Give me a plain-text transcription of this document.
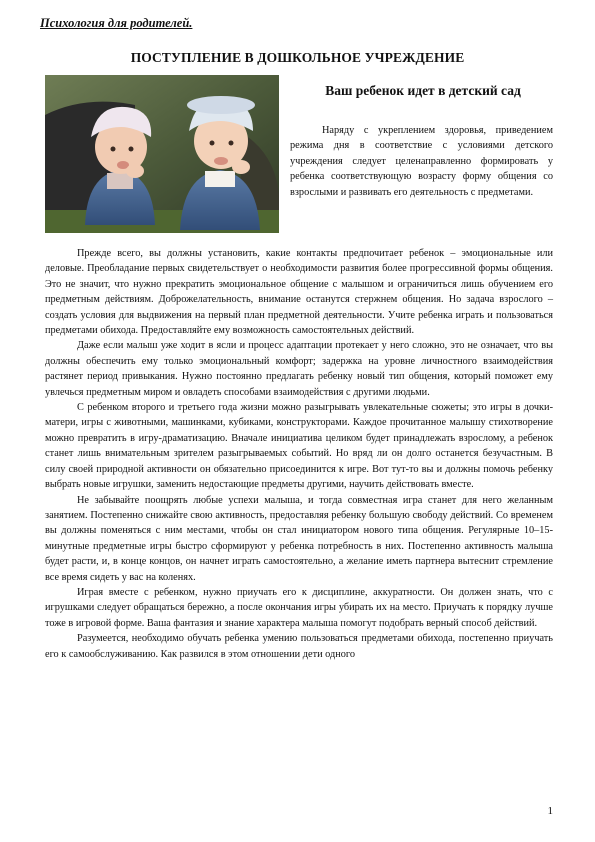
Психология для родителей.
ПОСТУПЛЕНИЕ В ДОШКОЛЬНОЕ УЧРЕЖДЕНИЕ
Ваш ребенок идет в детский сад

Наряду с укреплением здоровья, приведением режима дня в соответствие с условиями детского учреждения следует целенаправленно формировать у ребенка соответствующую возрасту форму общения со взрослыми и развивать его деятельность с предметами.

Прежде всего, вы должны установить, какие контакты предпочитает ребенок – эмоциональные или деловые. Преобладание первых свидетельствует о необходимости развития более прогрессивной формы общения. Это не значит, что нужно прекратить эмоциональное общение с малышом и ограничиться лишь обучением его предметным действиям. Доброжелательность, внимание останутся стержнем общения. Но задача взрослого – создать условия для выдвижения на первый план предметной деятельности. Учите ребенка играть и пользоваться предметами обихода. Предоставляйте ему возможность самостоятельных действий.

Даже если малыш уже ходит в ясли и процесс адаптации протекает у него сложно, это не означает, что вы должны обеспечить ему только эмоциональный комфорт; задержка на уровне личностного взаимодействия растянет период привыкания. Нужно постоянно предлагать ребенку новый тип общения, который поможет ему увлечься предметным миром и овладеть способами взаимодействия с другими людьми.

С ребенком второго и третьего года жизни можно разыгрывать увлекательные сюжеты; это игры в дочки-матери, игры с животными, машинками, кубиками, конструкторами. Каждое прочитанное малышу стихотворение можно превратить в игру-драматизацию. Вначале инициатива целиком будет принадлежать взрослому, а ребенок станет лишь внимательным зрителем разыгрываемых событий. Но вряд ли он долго останется безучастным. В силу своей природной активности он обязательно присоединится к игре. Вот тут-то вы и должны помочь ребенку выбрать новые игрушки, заменить недостающие предметы другими, научить действовать вместе.

Не забывайте поощрять любые успехи малыша, и тогда совместная игра станет для него желанным занятием. Постепенно снижайте свою активность, предоставляя ребенку большую свободу действий. Со временем вы должны поменяться с ним местами, чтобы он стал инициатором нового типа общения. Регулярные 10–15-минутные предметные игры быстро сформируют у ребенка потребность в них. Постепенно активность малыша будет расти, и, в конце концов, он начнет играть самостоятельно, а желание иметь партнера вытеснит стремление все время сидеть у вас на коленях.

Играя вместе с ребенком, нужно приучать его к дисциплине, аккуратности. Он должен знать, что с игрушками следует обращаться бережно, а после окончания игры убирать их на место. Приучать к порядку лучше тоже в игровой форме. Ваша фантазия и знание характера малыша помогут подобрать верный способ действий.

Разумеется, необходимо обучать ребенка умению пользоваться предметами обихода, постепенно приучать его к самообслуживанию. Как развился в этом отношении дети одного

1
